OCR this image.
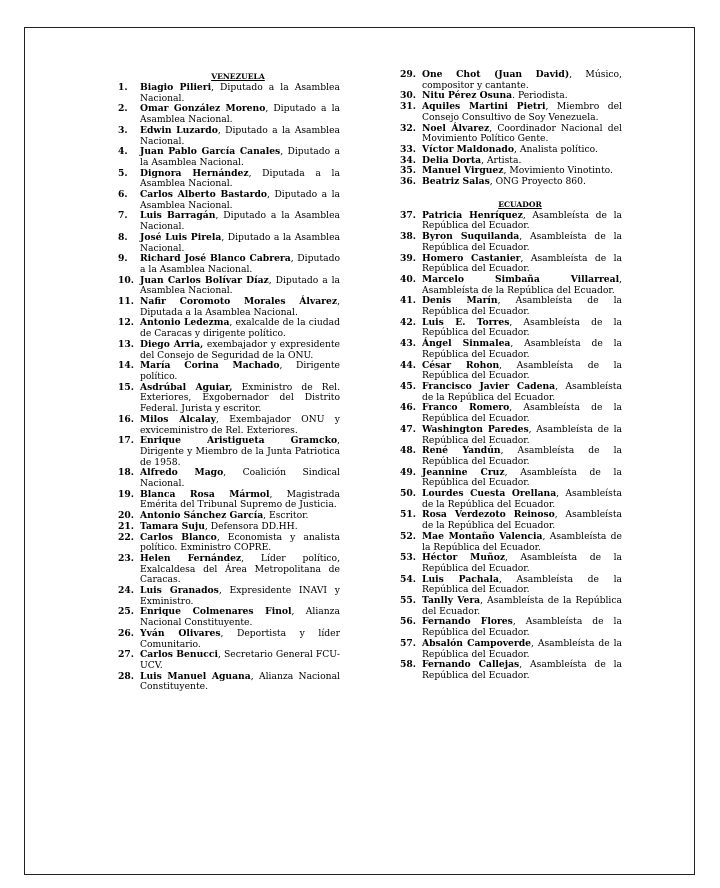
VENEZUELA
1. Biagio Pilieri, Diputado a la Asamblea Nacional.
2. Omar González Moreno, Diputado a la Asamblea Nacional.
3. Edwin Luzardo, Diputado a la Asamblea Nacional.
4. Juan Pablo García Canales, Diputado a la Asamblea Nacional.
5. Dignora Hernández, Diputada a la Asamblea Nacional.
6. Carlos Alberto Bastardo, Diputado a la Asamblea Nacional.
7. Luis Barragán, Diputado a la Asamblea Nacional.
8. José Luis Pirela, Diputado a la Asamblea Nacional.
9. Richard José Blanco Cabrera, Diputado a la Asamblea Nacional.
10. Juan Carlos Bolívar Díaz, Diputado a la Asamblea Nacional.
11. Nafir Coromoto Morales Álvarez, Diputada a la Asamblea Nacional.
12. Antonio Ledezma, exalcalde de la ciudad de Caracas y dirigente político.
13. Diego Arria, exembajador y expresidente del Consejo de Seguridad de la ONU.
14. María Corina Machado, Dirigente político.
15. Asdrúbal Aguiar, Exministro de Rel. Exteriores, Exgobernador del Distrito Federal. Jurista y escritor.
16. Milos Alcalay, Exembajador ONU y exviceministro de Rel. Exteriores.
17. Enrique Aristigueta Gramcko, Dirigente y Miembro de la Junta Patriotica de 1958.
18. Alfredo Mago, Coalición Sindical Nacional.
19. Blanca Rosa Mármol, Magistrada Emérita del Tribunal Supremo de Justicia.
20. Antonio Sánchez García, Escritor.
21. Tamara Suju, Defensora DD.HH.
22. Carlos Blanco, Economista y analista político. Exministro COPRE.
23. Helen Fernández, Líder político, Exalcaldesa del Área Metropolitana de Caracas.
24. Luis Granados, Expresidente INAVI y Exministro.
25. Enrique Colmenares Finol, Alianza Nacional Constituyente.
26. Yván Olivares, Deportista y líder Comunitario.
27. Carlos Benucci, Secretario General FCU-UCV.
28. Luis Manuel Aguana, Alianza Nacional Constituyente.
29. One Chot (Juan David), Músico, compositor y cantante.
30. Nitu Pérez Osuna. Periodista.
31. Aquiles Martini Pietri, Miembro del Consejo Consultivo de Soy Venezuela.
32. Noel Álvarez, Coordinador Nacional del Movimiento Político Gente.
33. Víctor Maldonado, Analista político.
34. Delia Dorta, Artista.
35. Manuel Virguez, Movimiento Vinotinto.
36. Beatriz Salas, ONG Proyecto 860.
ECUADOR
37. Patricia Henríquez, Asambleísta de la República del Ecuador.
38. Byron Suquilanda, Asambleísta de la República del Ecuador.
39. Homero Castanier, Asambleísta de la República del Ecuador.
40. Marcelo Simbaña Villarreal, Asambleísta de la República del Ecuador.
41. Denis Marín, Asambleísta de la República del Ecuador.
42. Luis E. Torres, Asambleísta de la República del Ecuador.
43. Ángel Sinmalea, Asambleísta de la República del Ecuador.
44. César Rohon, Asambleísta de la República del Ecuador.
45. Francisco Javier Cadena, Asambleísta de la República del Ecuador.
46. Franco Romero, Asambleísta de la República del Ecuador.
47. Washington Paredes, Asambleísta de la República del Ecuador.
48. René Yandún, Asambleísta de la República del Ecuador.
49. Jeannine Cruz, Asambleísta de la República del Ecuador.
50. Lourdes Cuesta Orellana, Asambleísta de la República del Ecuador.
51. Rosa Verdezoto Reinoso, Asambleísta de la República del Ecuador.
52. Mae Montaño Valencia, Asambleísta de la República del Ecuador.
53. Héctor Muñoz, Asambleísta de la República del Ecuador.
54. Luis Pachala, Asambleísta de la República del Ecuador.
55. Tanlly Vera, Asambleísta de la República del Ecuador.
56. Fernando Flores, Asambleísta de la República del Ecuador.
57. Absalón Campoverde, Asambleísta de la República del Ecuador.
58. Fernando Callejas, Asambleísta de la República del Ecuador.
